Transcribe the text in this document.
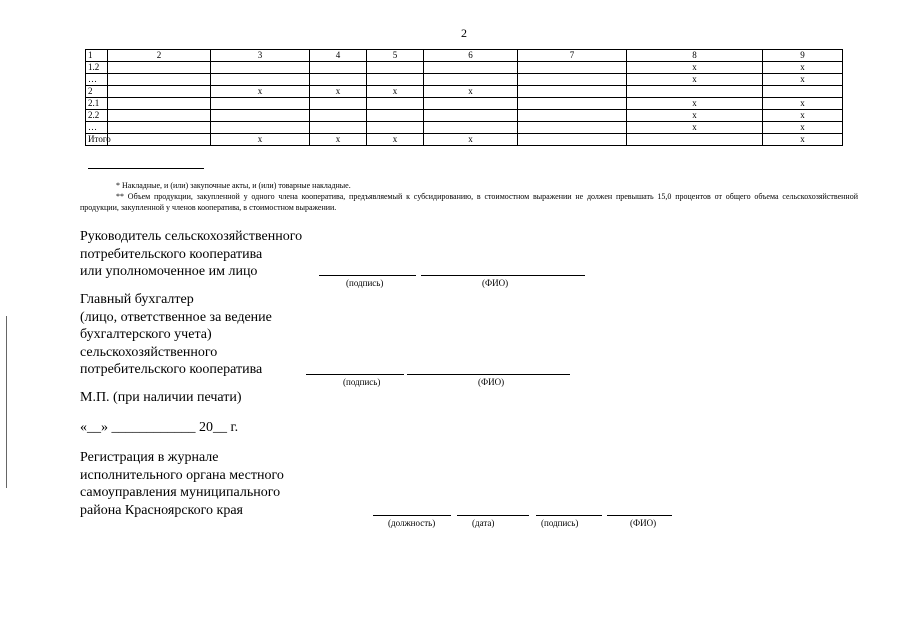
2
1	2	3	4	5	6	7	8	9
1.2							x	x
…							x	x
2		x	x	x	x			
2.1							x	x
2.2							x	x
…							x	x
Итого		x	x	x	x			x
* Накладные, и (или) закупочные акты, и (или) товарные накладные.
** Объем продукции, закупленной у одного члена кооператива, предъявляемый к субсидированию, в стоимостном выражении не должен превышать 15,0 процентов от общего объема сельскохозяйственной продукции, закупленной у членов кооператива, в стоимостном выражении.
Руководитель сельскохозяйственного
потребительского кооператива
или уполномоченное им лицо
(подпись)	(ФИО)
Главный бухгалтер
(лицо, ответственное за ведение
бухгалтерского учета)
сельскохозяйственного
потребительского кооператива
(подпись)	(ФИО)
М.П. (при наличии печати)
«__» ____________ 20__ г.
Регистрация в журнале
исполнительного органа местного
самоуправления муниципального
района Красноярского края
(должность)	(дата)	(подпись)	(ФИО)
